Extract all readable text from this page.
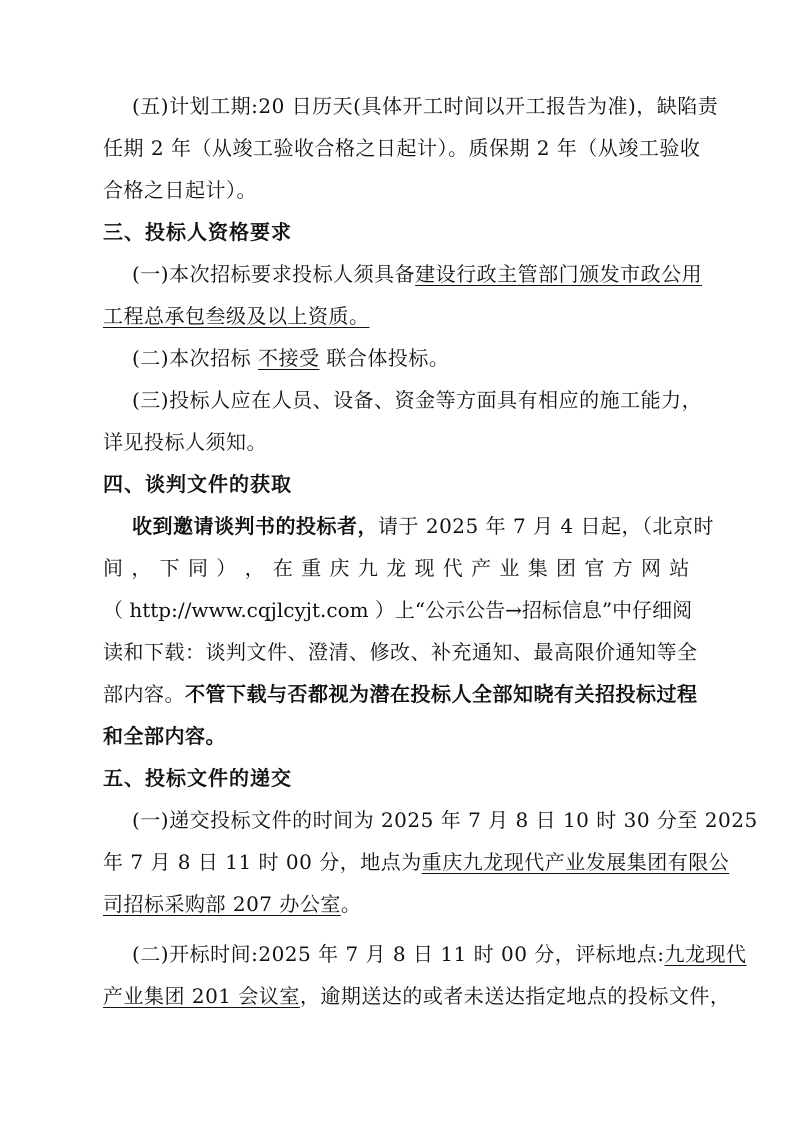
(五)计划工期:20 日历天(具体开工时间以开工报告为准)，缺陷责

任期 2 年（从竣工验收合格之日起计）。质保期 2 年（从竣工验收

合格之日起计）。

三、投标人资格要求

(一)本次招标要求投标人须具备建设行政主管部门颁发市政公用

工程总承包叁级及以上资质。

(二)本次招标 不接受 联合体投标。

(三)投标人应在人员、设备、资金等方面具有相应的施工能力，

详见投标人须知。

四、谈判文件的获取

收到邀请谈判书的投标者，请于 2025 年 7 月 4 日起，（北京时

间 ， 下 同 ） ， 在 重 庆 九 龙 现 代 产 业 集 团 官 方 网 站

（ http://www.cqjlcyjt.com ）上“公示公告→招标信息”中仔细阅

读和下载：谈判文件、澄清、修改、补充通知、最高限价通知等全

部内容。不管下载与否都视为潜在投标人全部知晓有关招投标过程

和全部内容。

五、投标文件的递交

(一)递交投标文件的时间为 2025 年 7 月 8 日 10 时 30 分至 2025

年 7 月 8 日 11 时 00 分，地点为重庆九龙现代产业发展集团有限公

司招标采购部 207 办公室。

(二)开标时间:2025 年 7 月 8 日 11 时 00 分，评标地点:九龙现代

产业集团 201 会议室，逾期送达的或者未送达指定地点的投标文件，
